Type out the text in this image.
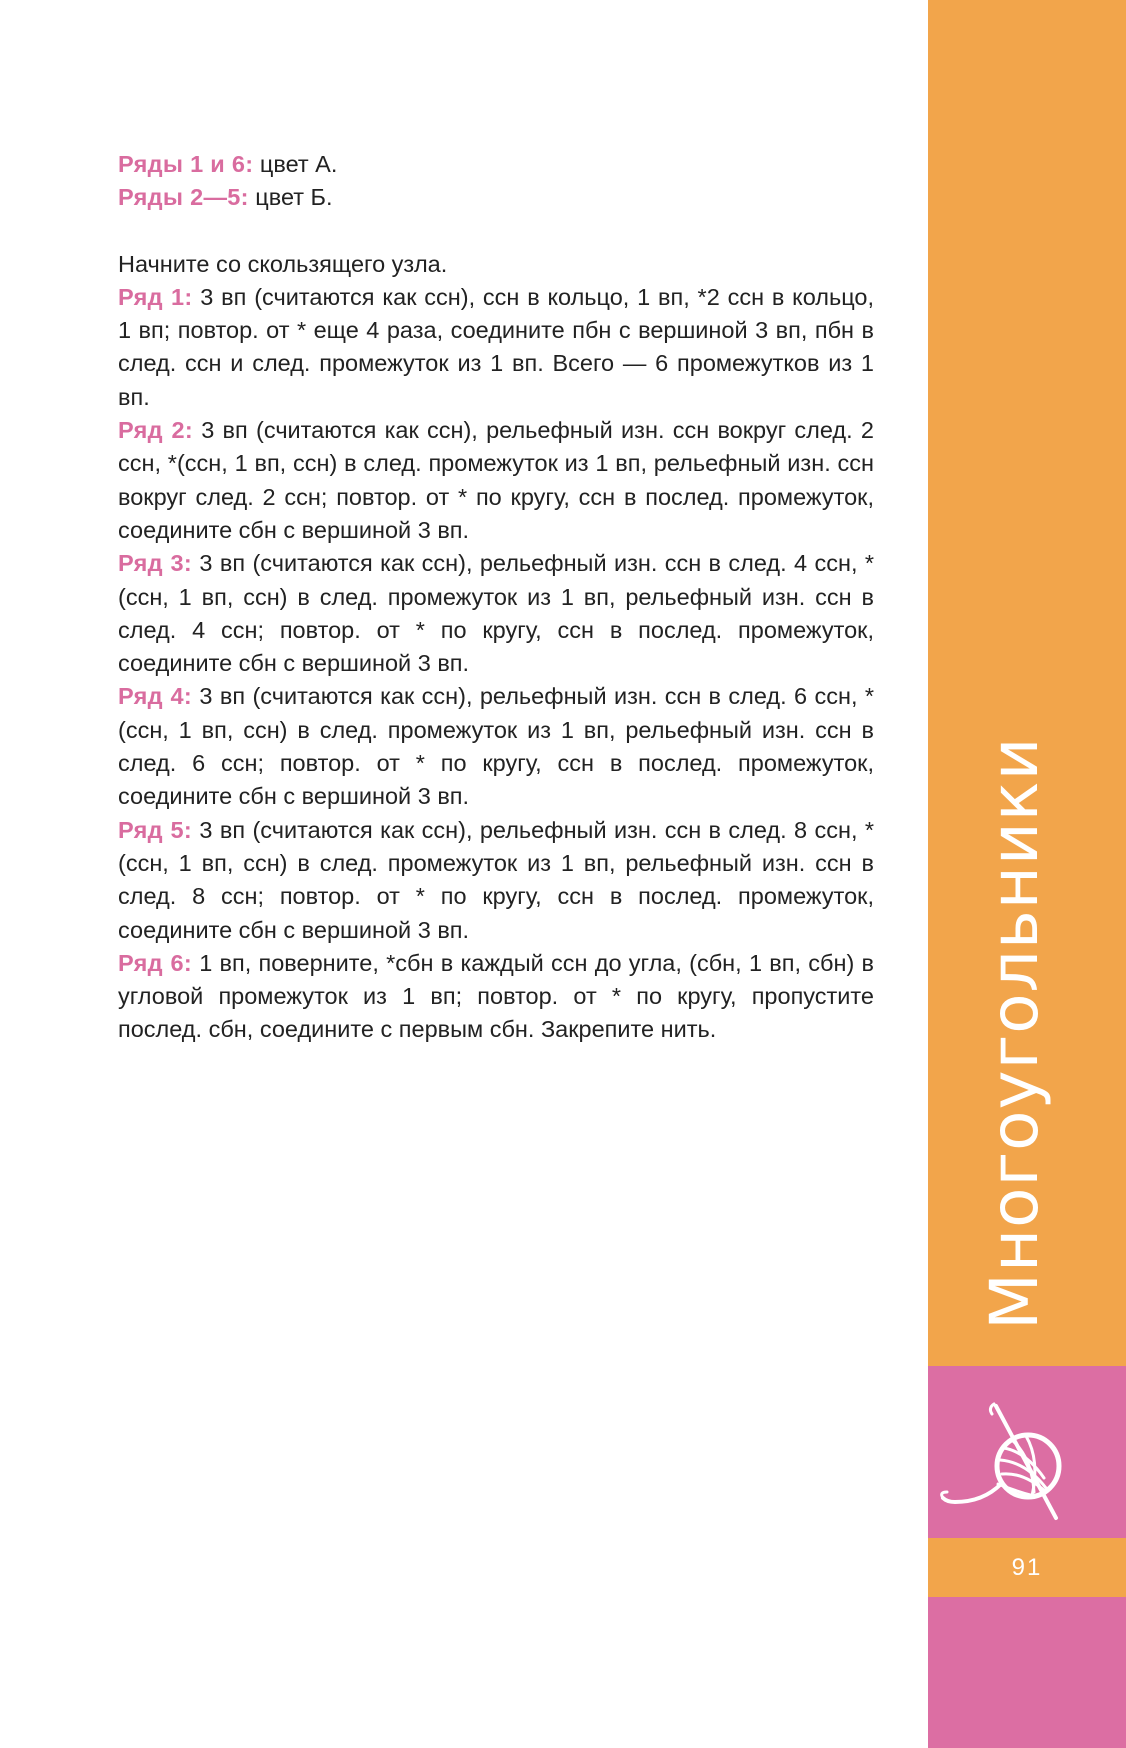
Ряды 1 и 6: цвет А.

Ряды 2—5: цвет Б.

Начните со скользящего узла.

Ряд 1: 3 вп (считаются как ссн), ссн в кольцо, 1 вп, *2 ссн в кольцо, 1 вп; повтор. от * еще 4 раза, соедините пбн с вершиной 3 вп, пбн в след. ссн и след. промежуток из 1 вп. Всего — 6 промежутков из 1 вп.

Ряд 2: 3 вп (считаются как ссн), рельефный изн. ссн вокруг след. 2 ссн, *(ссн, 1 вп, ссн) в след. промежуток из 1 вп, рельефный изн. ссн вокруг след. 2 ссн; повтор. от * по кругу, ссн в послед. промежуток, соедините сбн с вершиной 3 вп.

Ряд 3: 3 вп (считаются как ссн), рельефный изн. ссн в след. 4 ссн, *(ссн, 1 вп, ссн) в след. промежуток из 1 вп, рельефный изн. ссн в след. 4 ссн; повтор. от * по кругу, ссн в послед. промежуток, соедините сбн с вершиной 3 вп.

Ряд 4: 3 вп (считаются как ссн), рельефный изн. ссн в след. 6 ссн, *(ссн, 1 вп, ссн) в след. промежуток из 1 вп, рельефный изн. ссн в след. 6 ссн; повтор. от * по кругу, ссн в послед. промежуток, соедините сбн с вершиной 3 вп.

Ряд 5: 3 вп (считаются как ссн), рельефный изн. ссн в след. 8 ссн, *(ссн, 1 вп, ссн) в след. промежуток из 1 вп, рельефный изн. ссн в след. 8 ссн; повтор. от * по кругу, ссн в послед. промежуток, соедините сбн с вершиной 3 вп.

Ряд 6: 1 вп, поверните, *сбн в каждый ссн до угла, (сбн, 1 вп, сбн) в угловой промежуток из 1 вп; повтор. от * по кругу, пропустите послед. сбн, соедините с первым сбн. Закрепите нить.	Многоугольники
91
